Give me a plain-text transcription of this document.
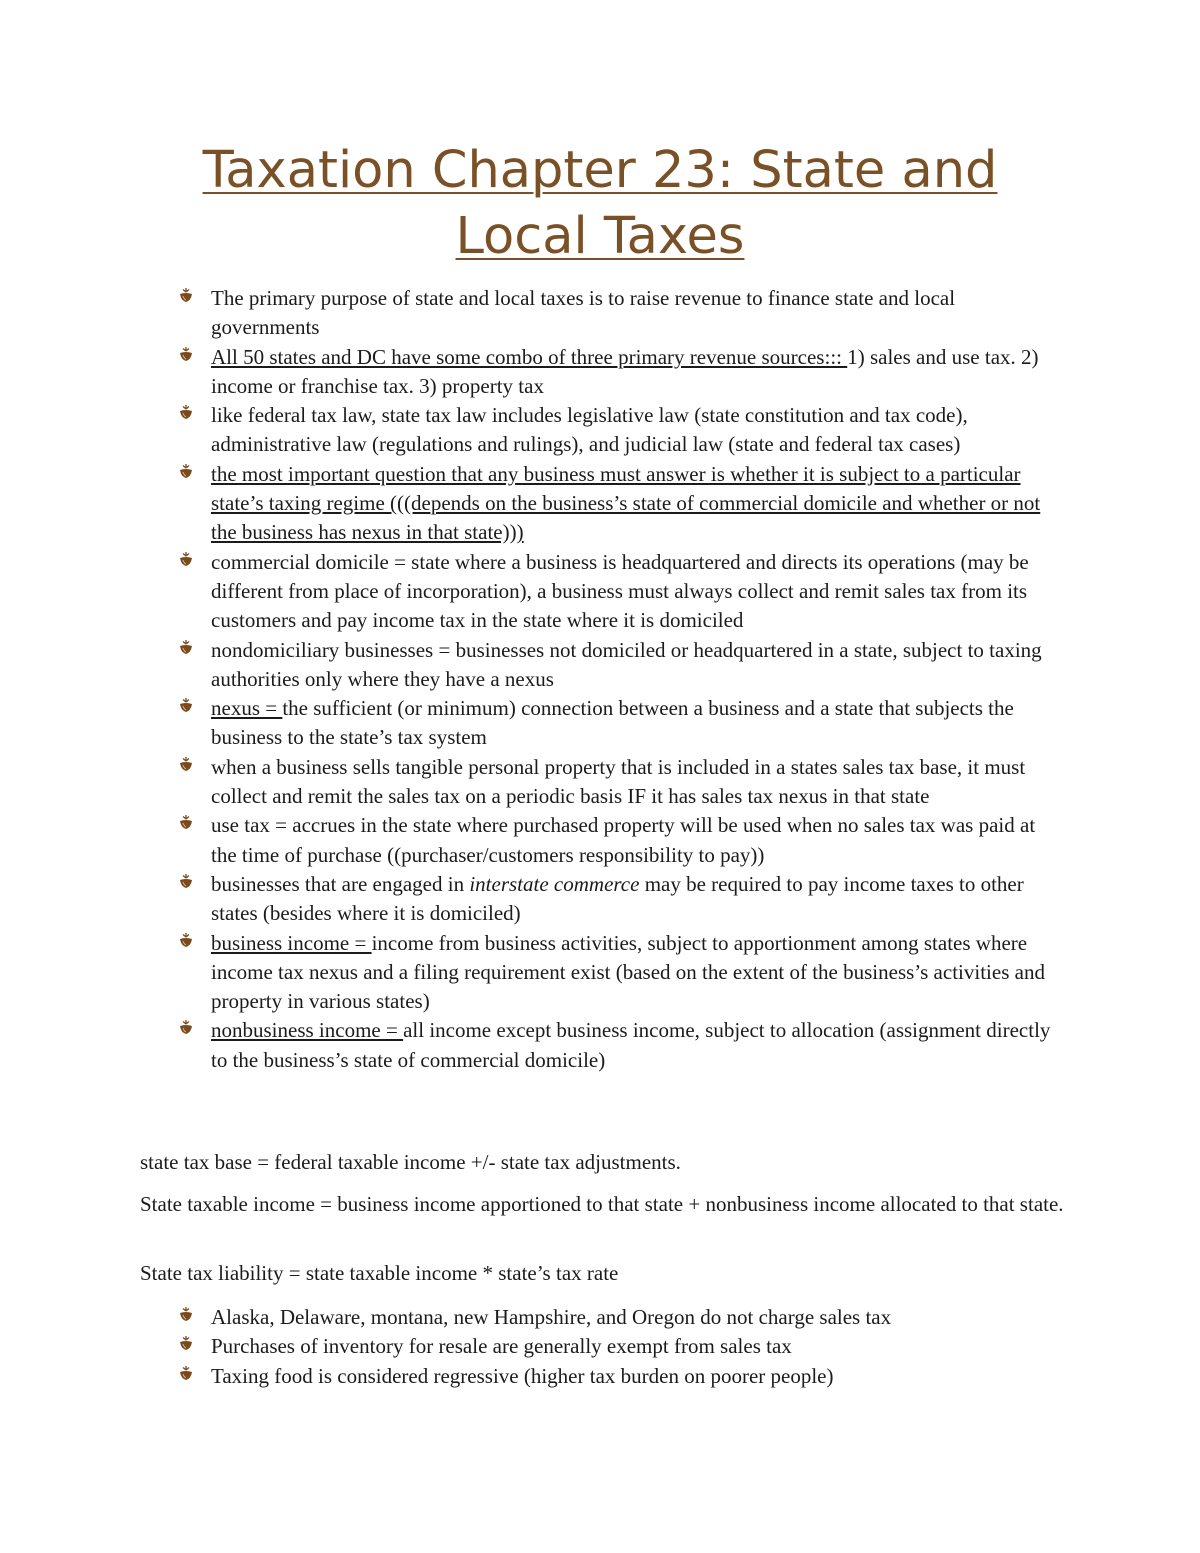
Taxation Chapter 23: State and Local Taxes
The primary purpose of state and local taxes is to raise revenue to finance state and local governments
All 50 states and DC have some combo of three primary revenue sources::: 1) sales and use tax. 2) income or franchise tax. 3) property tax
like federal tax law, state tax law includes legislative law (state constitution and tax code), administrative law (regulations and rulings), and judicial law (state and federal tax cases)
the most important question that any business must answer is whether it is subject to a particular state’s taxing regime (((depends on the business’s state of commercial domicile and whether or not the business has nexus in that state)))
commercial domicile = state where a business is headquartered and directs its operations (may be different from place of incorporation), a business must always collect and remit sales tax from its customers and pay income tax in the state where it is domiciled
nondomiciliary businesses = businesses not domiciled or headquartered in a state, subject to taxing authorities only where they have a nexus
nexus = the sufficient (or minimum) connection between a business and a state that subjects the business to the state’s tax system
when a business sells tangible personal property that is included in a states sales tax base, it must collect and remit the sales tax on a periodic basis IF it has sales tax nexus in that state
use tax = accrues in the state where purchased property will be used when no sales tax was paid at the time of purchase ((purchaser/customers responsibility to pay))
businesses that are engaged in interstate commerce may be required to pay income taxes to other states (besides where it is domiciled)
business income = income from business activities, subject to apportionment among states where income tax nexus and a filing requirement exist (based on the extent of the business’s activities and property in various states)
nonbusiness income = all income except business income, subject to allocation (assignment directly to the business’s state of commercial domicile)

state tax base = federal taxable income +/- state tax adjustments.

State taxable income = business income apportioned to that state + nonbusiness income allocated to that state.

State tax liability = state taxable income * state’s tax rate

Alaska, Delaware, montana, new Hampshire, and Oregon do not charge sales tax
Purchases of inventory for resale are generally exempt from sales tax
Taxing food is considered regressive (higher tax burden on poorer people)
